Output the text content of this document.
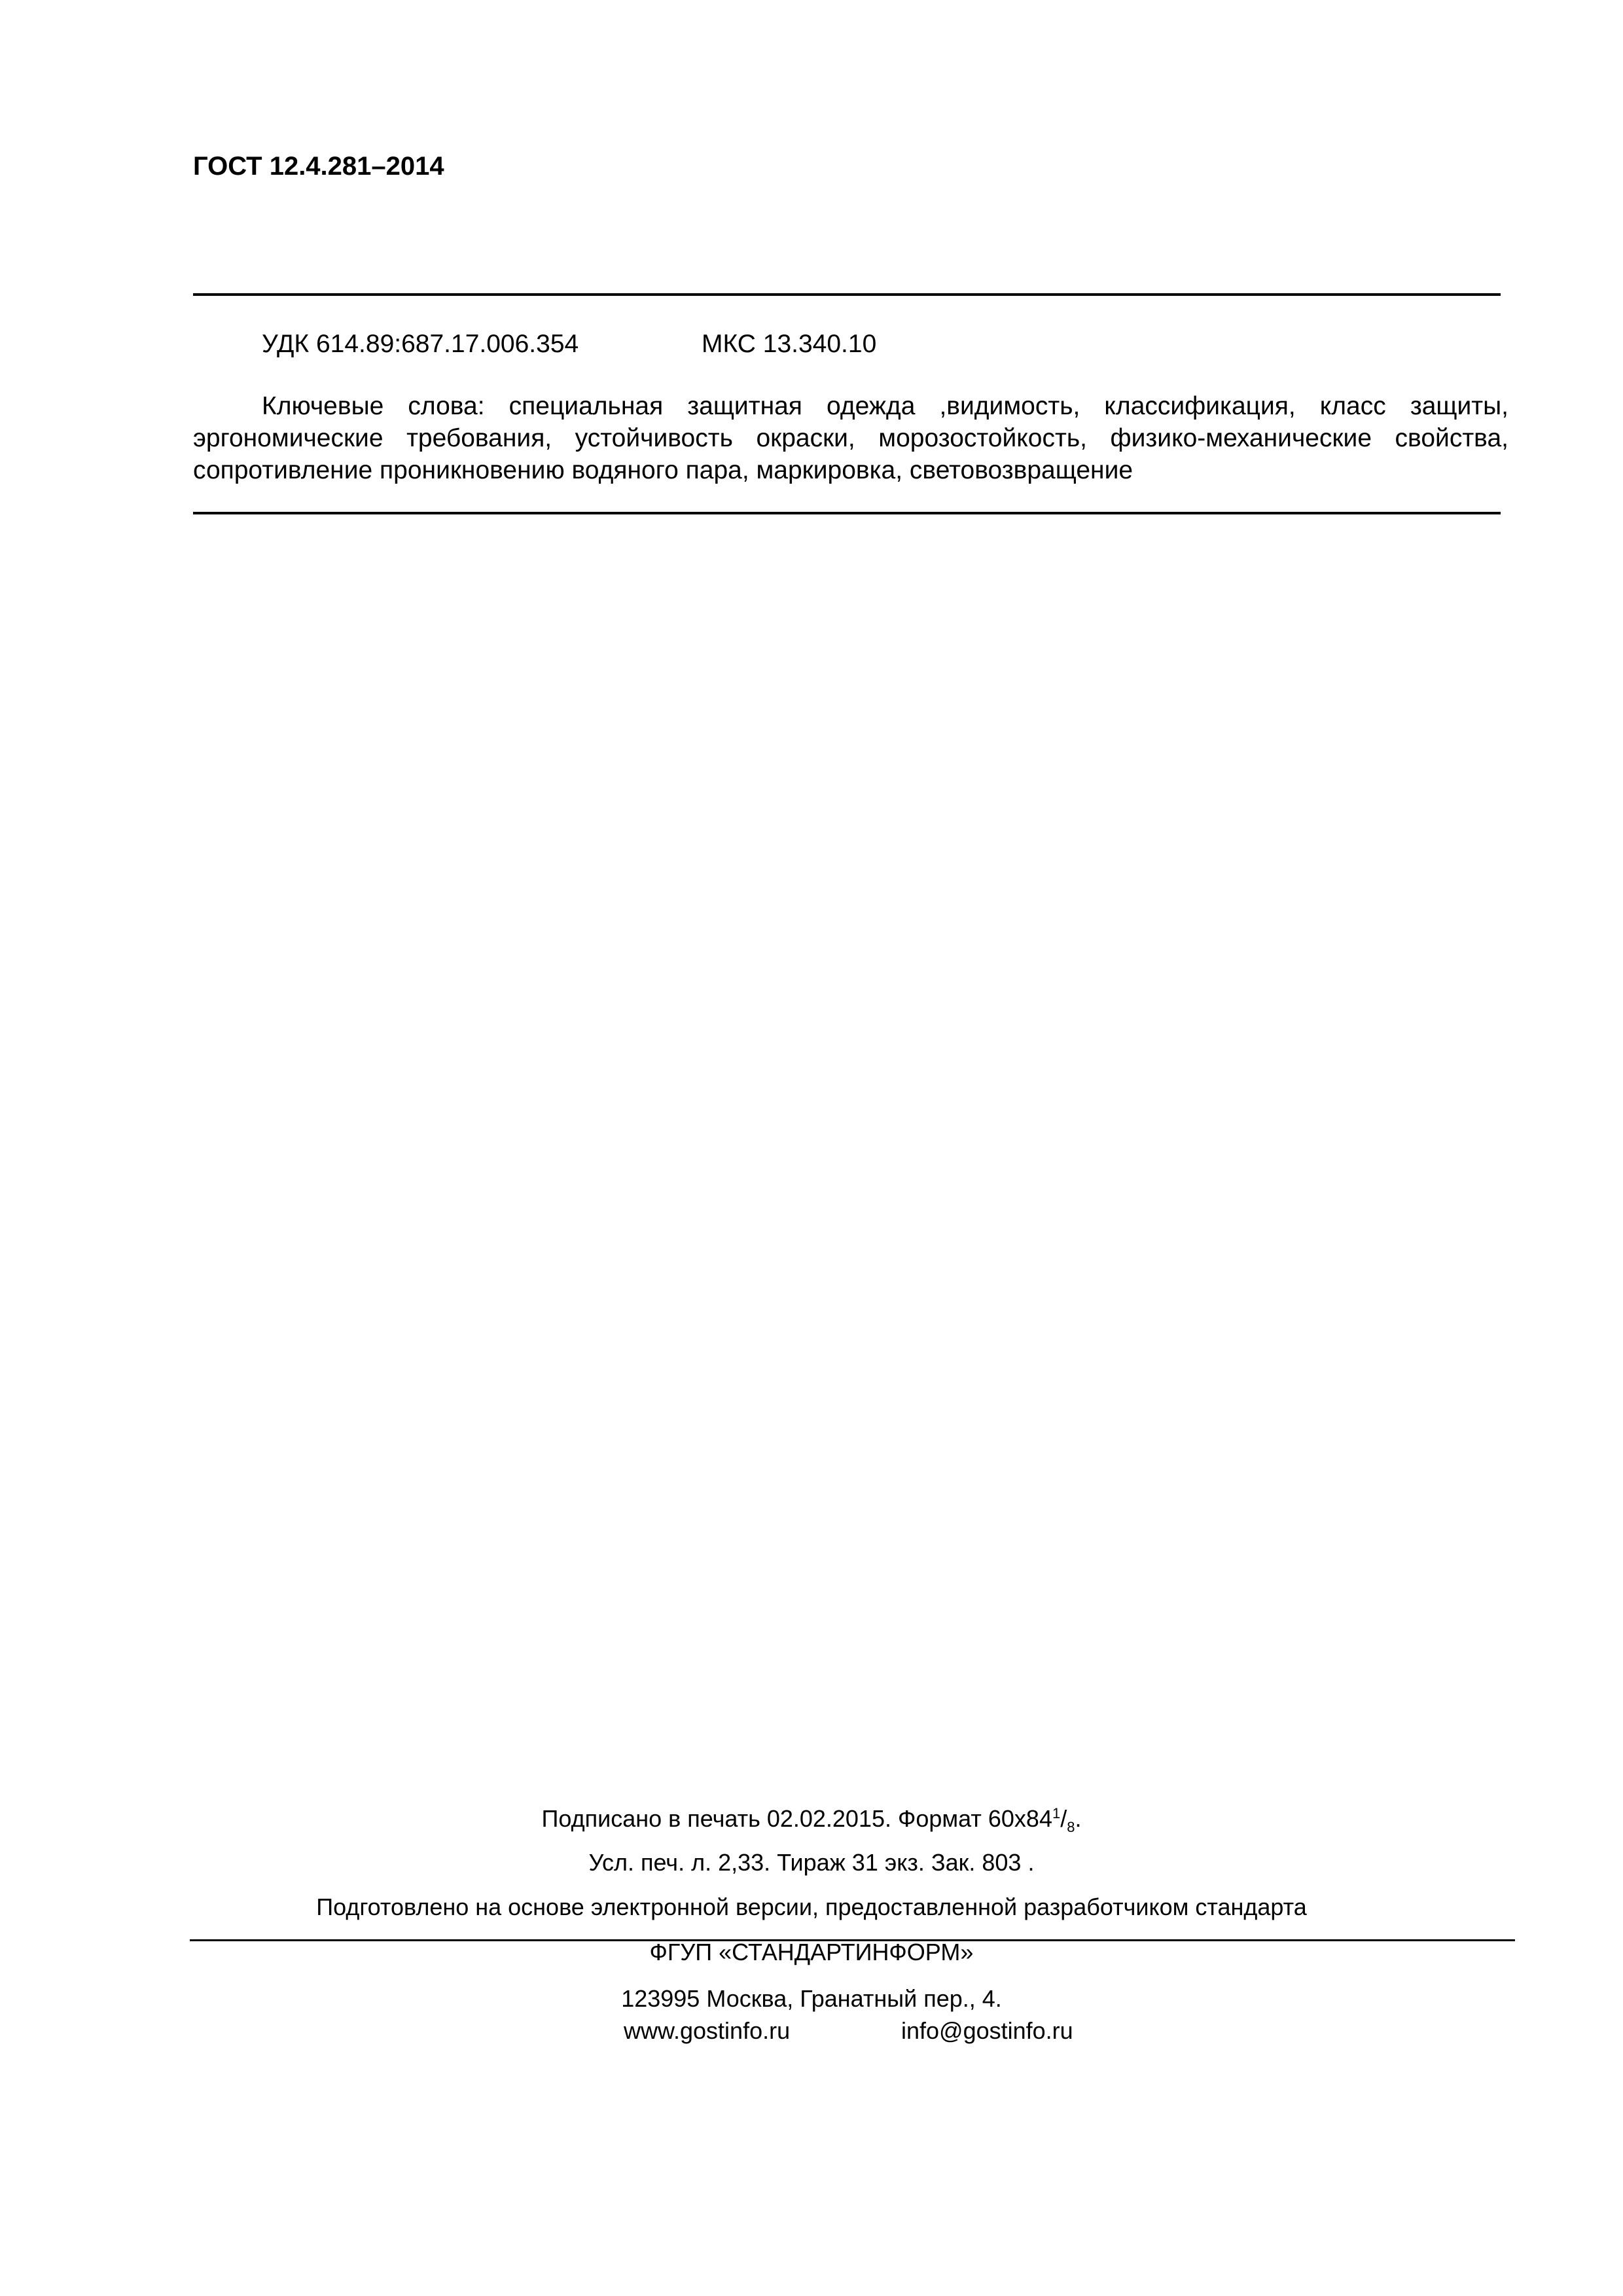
ГОСТ 12.4.281–2014
УДК 614.89:687.17.006.354	МКС 13.340.10

Ключевые слова: специальная защитная одежда ,видимость, классификация, класс защиты, эргономические требования, устойчивость окраски, морозостойкость, физико-механические свойства, сопротивление проникновению водяного пара, маркировка, световозвращение

Подписано в печать 02.02.2015. Формат $60х84^1/_8$.
Усл. печ. л. 2,33. Тираж 31 экз. Зак. 803 .
Подготовлено на основе электронной версии, предоставленной разработчиком стандарта
ФГУП «СТАНДАРТИНФОРМ»
123995 Москва, Гранатный пер., 4.
www.gostinfo.ru	info@gostinfo.ru
